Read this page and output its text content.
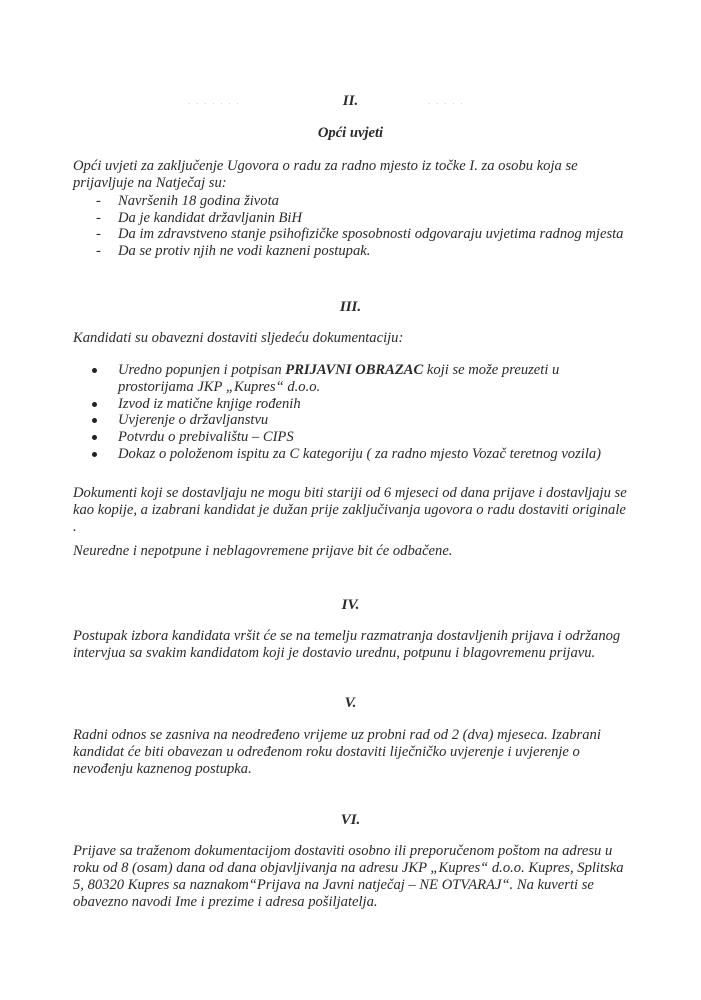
· · · · · · ·	· · · · ·
II.
Opći uvjeti

Opći uvjeti za zaključenje Ugovora o radu za radno mjesto iz točke I. za osobu koja se prijavljuje na Natječaj su:

- Navršenih 18 godina života
- Da je kandidat državljanin BiH
- Da im zdravstveno stanje psihofizičke sposobnosti odgovaraju uvjetima radnog mjesta
- Da se protiv njih ne vodi kazneni postupak.
III.

Kandidati su obavezni dostaviti sljedeću dokumentaciju:

Uredno popunjen i potpisan PRIJAVNI OBRAZAC koji se može preuzeti u
prostorijama JKP „Kupres“ d.o.o.
Izvod iz matične knjige rođenih
Uvjerenje o državljanstvu
Potvrdu o prebivalištu – CIPS
Dokaz o položenom ispitu za C kategoriju ( za radno mjesto Vozač teretnog vozila)

Dokumenti koji se dostavljaju ne mogu biti stariji od 6 mjeseci od dana prijave i dostavljaju se kao kopije, a izabrani kandidat je dužan prije zaključivanja ugovora o radu dostaviti originale .

Neuredne i nepotpune i neblagovremene prijave bit će odbačene.

IV.

Postupak izbora kandidata vršit će se na temelju razmatranja dostavljenih prijava i održanog intervjua sa svakim kandidatom koji je dostavio urednu, potpunu i blagovremenu prijavu.

V.

Radni odnos se zasniva na neodređeno vrijeme uz probni rad od 2 (dva) mjeseca. Izabrani kandidat će biti obavezan u određenom roku dostaviti liječničko uvjerenje i uvjerenje o nevođenju kaznenog postupka.

VI.

Prijave sa traženom dokumentacijom dostaviti osobno ili preporučenom poštom na adresu u roku od 8 (osam) dana od dana objavljivanja na adresu JKP „Kupres“ d.o.o. Kupres, Splitska 5, 80320 Kupres sa naznakom“Prijava na Javni natječaj – NE OTVARAJ“. Na kuverti se obavezno navodi Ime i prezime i adresa pošiljatelja.
